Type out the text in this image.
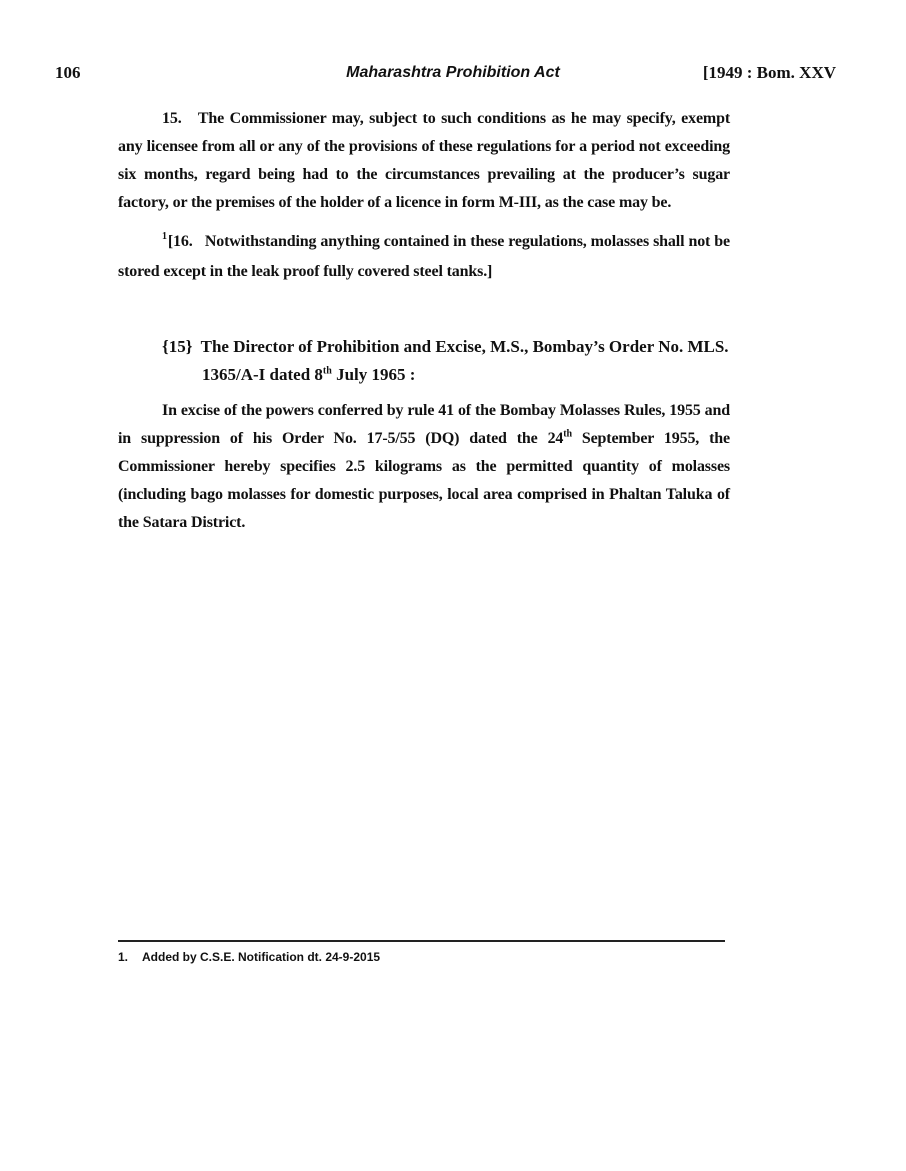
Maharashtra Prohibition Act
106	[1949 : Bom. XXV
15. The Commissioner may, subject to such conditions as he may specify, exempt any licensee from all or any of the provisions of these regulations for a period not exceeding six months, regard being had to the circumstances prevailing at the producer’s sugar factory, or the premises of the holder of a licence in form M-III, as the case may be.
$^1$[16. Notwithstanding anything contained in these regulations, molasses shall not be stored except in the leak proof fully covered steel tanks.]
{15} The Director of Prohibition and Excise, M.S., Bombay’s Order No. MLS.
1365/A-I dated 8th July 1965 :
In excise of the powers conferred by rule 41 of the Bombay Molasses Rules, 1955 and in suppression of his Order No. 17-5/55 (DQ) dated the 24th September 1955, the Commissioner hereby specifies 2.5 kilograms as the permitted quantity of molasses (including bago molasses for domestic purposes, local area comprised in Phaltan Taluka of the Satara District.
1. Added by C.S.E. Notification dt. 24-9-2015
